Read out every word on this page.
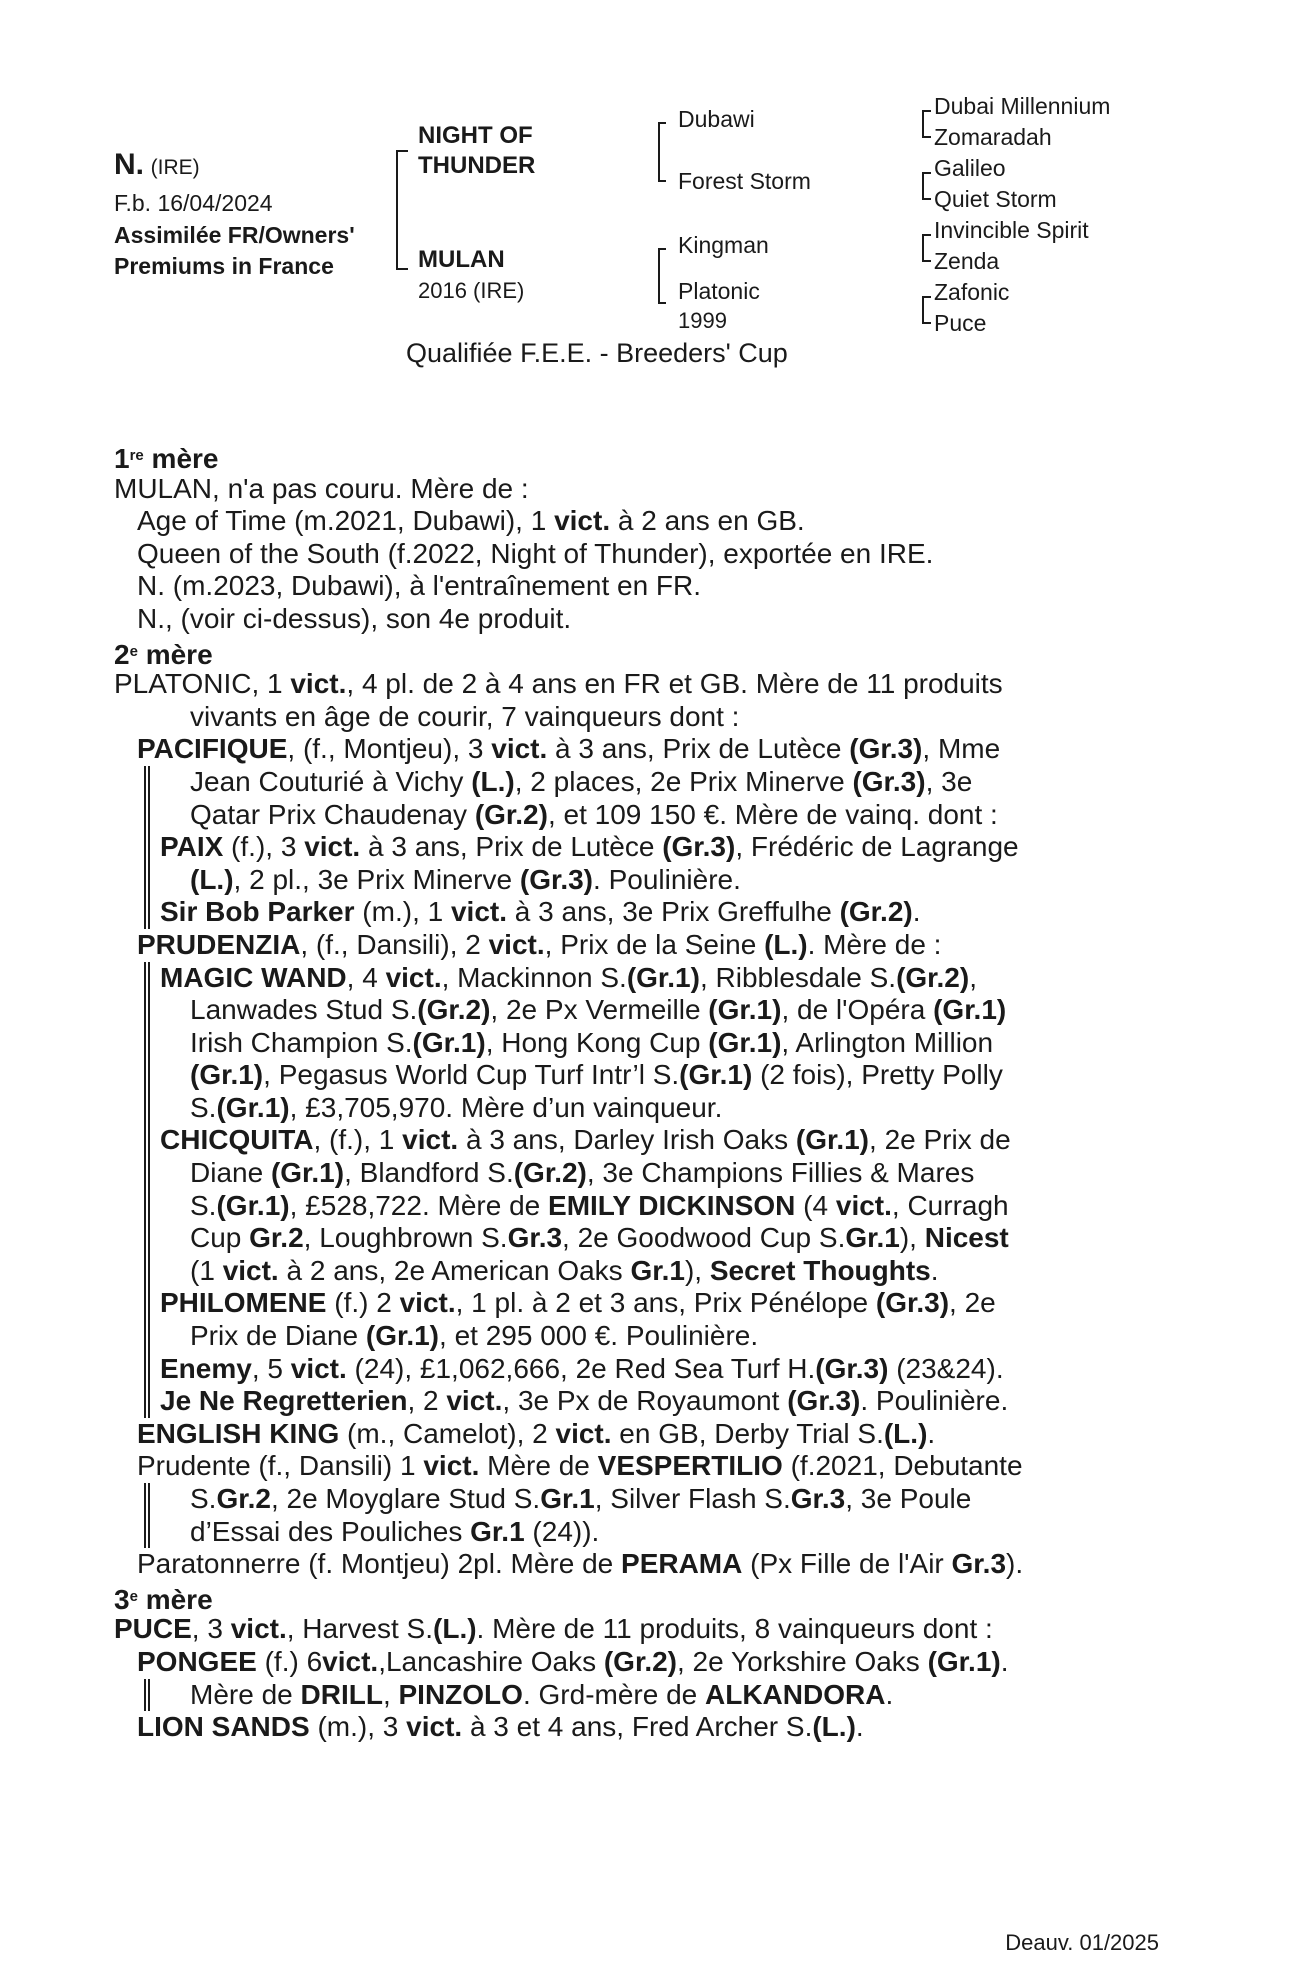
N. (IRE)
F.b. 16/04/2024
Assimilée FR/Owners'
Premiums in France
NIGHT OF
THUNDER
MULAN
2016 (IRE)
Dubawi
Forest Storm
Kingman
Platonic
1999
Dubai Millennium
Zomaradah
Galileo
Quiet Storm
Invincible Spirit
Zenda
Zafonic
Puce
Qualifiée F.E.E. - Breeders' Cup
1re mère
MULAN, n'a pas couru. Mère de :
Age of Time (m.2021, Dubawi), 1 vict. à 2 ans en GB.
Queen of the South (f.2022, Night of Thunder), exportée en IRE.
N. (m.2023, Dubawi), à l'entraînement en FR.
N., (voir ci-dessus), son 4e produit.
2e mère
PLATONIC, 1 vict., 4 pl. de 2 à 4 ans en FR et GB. Mère de 11 produits
vivants en âge de courir, 7 vainqueurs dont :
PACIFIQUE, (f., Montjeu), 3 vict. à 3 ans, Prix de Lutèce (Gr.3), Mme
Jean Couturié à Vichy (L.), 2 places, 2e Prix Minerve (Gr.3), 3e
Qatar Prix Chaudenay (Gr.2), et 109 150 €. Mère de vainq. dont :
PAIX (f.), 3 vict. à 3 ans, Prix de Lutèce (Gr.3), Frédéric de Lagrange
(L.), 2 pl., 3e Prix Minerve (Gr.3). Poulinière.
Sir Bob Parker (m.), 1 vict. à 3 ans, 3e Prix Greffulhe (Gr.2).
PRUDENZIA, (f., Dansili), 2 vict., Prix de la Seine (L.). Mère de :
MAGIC WAND, 4 vict., Mackinnon S.(Gr.1), Ribblesdale S.(Gr.2),
Lanwades Stud S.(Gr.2), 2e Px Vermeille (Gr.1), de l'Opéra (Gr.1)
Irish Champion S.(Gr.1), Hong Kong Cup (Gr.1), Arlington Million
(Gr.1), Pegasus World Cup Turf Intr’l S.(Gr.1) (2 fois), Pretty Polly
S.(Gr.1), £3,705,970. Mère d’un vainqueur.
CHICQUITA, (f.), 1 vict. à 3 ans, Darley Irish Oaks (Gr.1), 2e Prix de
Diane (Gr.1), Blandford S.(Gr.2), 3e Champions Fillies & Mares
S.(Gr.1), £528,722. Mère de EMILY DICKINSON (4 vict., Curragh
Cup Gr.2, Loughbrown S.Gr.3, 2e Goodwood Cup S.Gr.1), Nicest
(1 vict. à 2 ans, 2e American Oaks Gr.1), Secret Thoughts.
PHILOMENE (f.) 2 vict., 1 pl. à 2 et 3 ans, Prix Pénélope (Gr.3), 2e
Prix de Diane (Gr.1), et 295 000 €. Poulinière.
Enemy, 5 vict. (24), £1,062,666, 2e Red Sea Turf H.(Gr.3) (23&24).
Je Ne Regretterien, 2 vict., 3e Px de Royaumont (Gr.3). Poulinière.
ENGLISH KING (m., Camelot), 2 vict. en GB, Derby Trial S.(L.).
Prudente (f., Dansili) 1 vict. Mère de VESPERTILIO (f.2021, Debutante
S.Gr.2, 2e Moyglare Stud S.Gr.1, Silver Flash S.Gr.3, 3e Poule
d’Essai des Pouliches Gr.1 (24)).
Paratonnerre (f. Montjeu) 2pl. Mère de PERAMA (Px Fille de l'Air Gr.3).
3e mère
PUCE, 3 vict., Harvest S.(L.). Mère de 11 produits, 8 vainqueurs dont :
PONGEE (f.) 6vict.,Lancashire Oaks (Gr.2), 2e Yorkshire Oaks (Gr.1).
Mère de DRILL, PINZOLO. Grd-mère de ALKANDORA.
LION SANDS (m.), 3 vict. à 3 et 4 ans, Fred Archer S.(L.).
Deauv. 01/2025
